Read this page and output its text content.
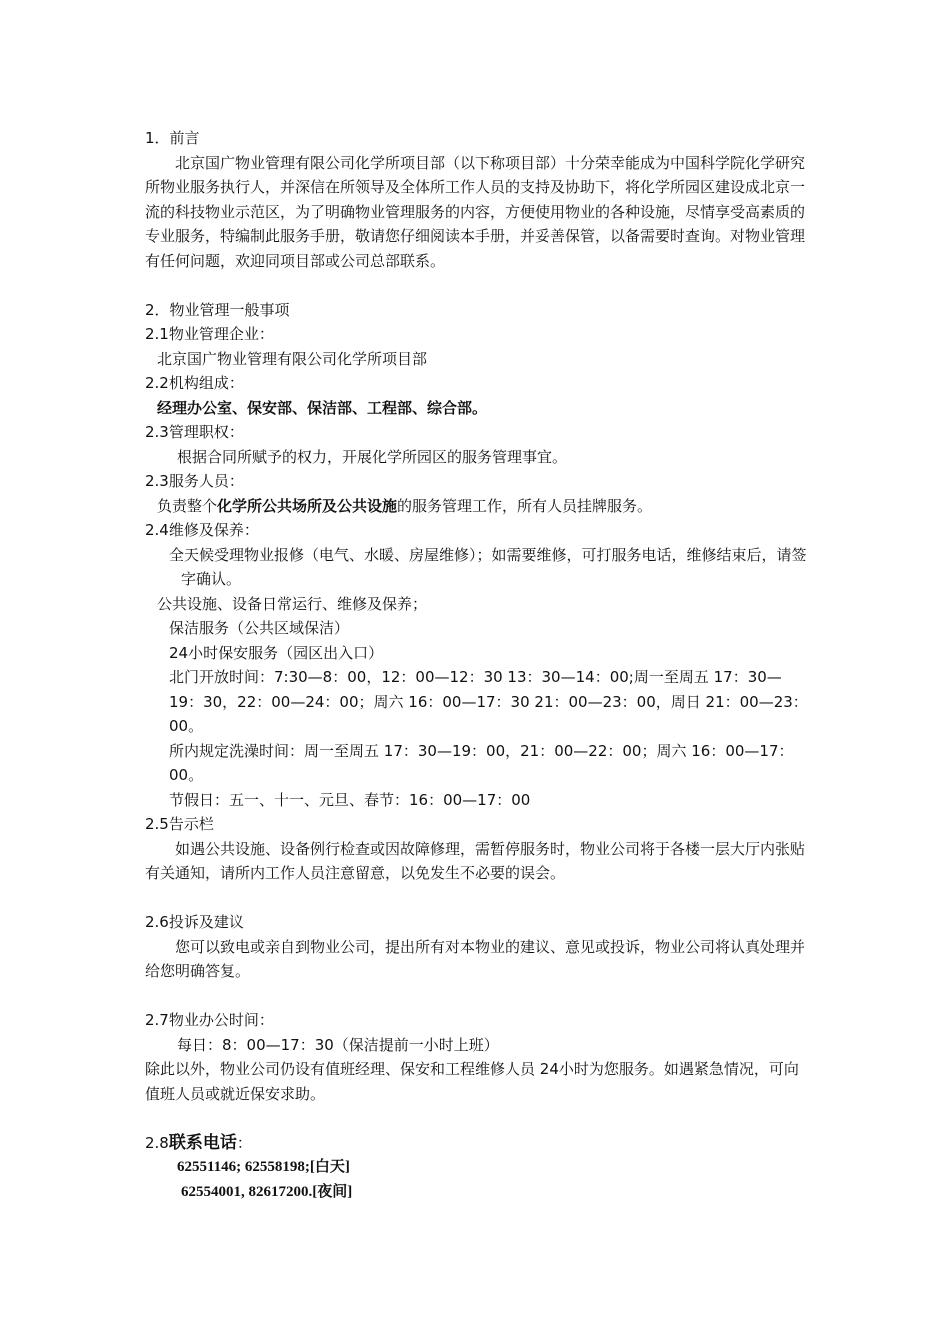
1．前言

北京国广物业管理有限公司化学所项目部（以下称项目部）十分荣幸能成为中国科学院化学研究所物业服务执行人，并深信在所领导及全体所工作人员的支持及协助下，将化学所园区建设成北京一流的科技物业示范区，为了明确物业管理服务的内容，方便使用物业的各种设施，尽情享受高素质的专业服务，特编制此服务手册，敬请您仔细阅读本手册，并妥善保管，以备需要时查询。对物业管理有任何问题，欢迎同项目部或公司总部联系。

2．物业管理一般事项

2.1物业管理企业：

北京国广物业管理有限公司化学所项目部

2.2机构组成：

经理办公室、保安部、保洁部、工程部、综合部。

2.3管理职权：

根据合同所赋予的权力，开展化学所园区的服务管理事宜。

2.3服务人员：

负责整个化学所公共场所及公共设施的服务管理工作，所有人员挂牌服务。

2.4维修及保养：

全天候受理物业报修（电气、水暖、房屋维修）；如需要维修，可打服务电话，维修结束后，请签字确认。

公共设施、设备日常运行、维修及保养；

保洁服务（公共区域保洁）

24小时保安服务（园区出入口）

北门开放时间：7:30—8：00，12：00—12：30 13：30—14：00;周一至周五 17：30—19：30，22：00—24：00；周六 16：00—17：30 21：00—23：00，周日 21：00—23：00。

所内规定洗澡时间：周一至周五 17：30—19：00，21：00—22：00；周六 16：00—17：00。

节假日：五一、十一、元旦、春节：16：00—17：00

2.5告示栏

如遇公共设施、设备例行检查或因故障修理，需暂停服务时，物业公司将于各楼一层大厅内张贴有关通知，请所内工作人员注意留意，以免发生不必要的误会。

2.6投诉及建议

您可以致电或亲自到物业公司，提出所有对本物业的建议、意见或投诉，物业公司将认真处理并给您明确答复。

2.7物业办公时间：

每日：8：00—17：30（保洁提前一小时上班）

除此以外，物业公司仍设有值班经理、保安和工程维修人员 24小时为您服务。如遇紧急情况，可向值班人员或就近保安求助。

2.8联系电话：

62551146; 62558198;[白天]

62554001, 82617200.[夜间]
